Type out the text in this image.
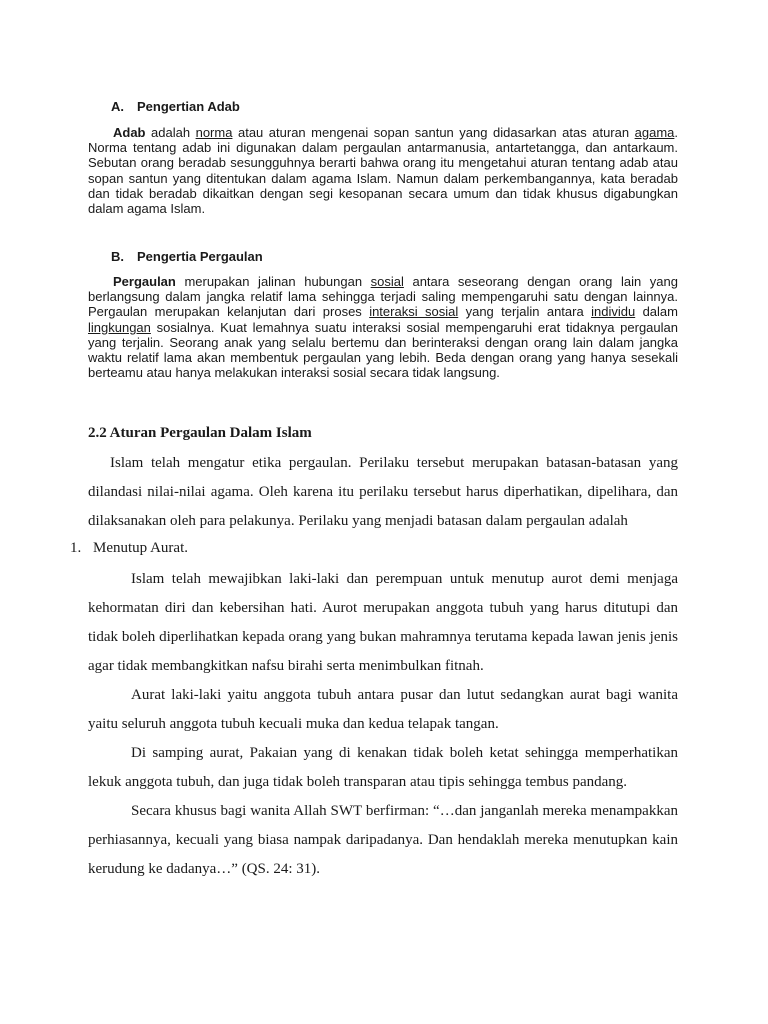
A. Pengertian Adab

Adab adalah norma atau aturan mengenai sopan santun yang didasarkan atas aturan agama. Norma tentang adab ini digunakan dalam pergaulan antarmanusia, antartetangga, dan antarkaum. Sebutan orang beradab sesungguhnya berarti bahwa orang itu mengetahui aturan tentang adab atau sopan santun yang ditentukan dalam agama Islam. Namun dalam perkembangannya, kata beradab dan tidak beradab dikaitkan dengan segi kesopanan secara umum dan tidak khusus digabungkan dalam agama Islam.

B. Pengertia Pergaulan

Pergaulan merupakan jalinan hubungan sosial antara seseorang dengan orang lain yang berlangsung dalam jangka relatif lama sehingga terjadi saling mempengaruhi satu dengan lainnya. Pergaulan merupakan kelanjutan dari proses interaksi sosial yang terjalin antara individu dalam lingkungan sosialnya. Kuat lemahnya suatu interaksi sosial mempengaruhi erat tidaknya pergaulan yang terjalin. Seorang anak yang selalu bertemu dan berinteraksi dengan orang lain dalam jangka waktu relatif lama akan membentuk pergaulan yang lebih. Beda dengan orang yang hanya sesekali berteamu atau hanya melakukan interaksi sosial secara tidak langsung.

2.2 Aturan Pergaulan Dalam Islam

Islam telah mengatur etika pergaulan. Perilaku tersebut merupakan batasan-batasan yang dilandasi nilai-nilai agama. Oleh karena itu perilaku tersebut harus diperhatikan, dipelihara, dan dilaksanakan oleh para pelakunya. Perilaku yang menjadi batasan dalam pergaulan adalah

1. Menutup Aurat.

Islam telah mewajibkan laki-laki dan perempuan untuk menutup aurot demi menjaga kehormatan diri dan kebersihan hati. Aurot merupakan anggota tubuh yang harus ditutupi dan tidak boleh diperlihatkan kepada orang yang bukan mahramnya terutama kepada lawan jenis jenis agar tidak membangkitkan nafsu birahi serta menimbulkan fitnah.

Aurat laki-laki yaitu anggota tubuh antara pusar dan lutut sedangkan aurat bagi wanita yaitu seluruh anggota tubuh kecuali muka dan kedua telapak tangan.

Di samping aurat, Pakaian yang di kenakan tidak boleh ketat sehingga memperhatikan lekuk anggota tubuh, dan juga tidak boleh transparan atau tipis sehingga tembus pandang.

Secara khusus bagi wanita Allah SWT berfirman: “…dan janganlah mereka menampakkan perhiasannya, kecuali yang biasa nampak daripadanya. Dan hendaklah mereka menutupkan kain kerudung ke dadanya…” (QS. 24: 31).
